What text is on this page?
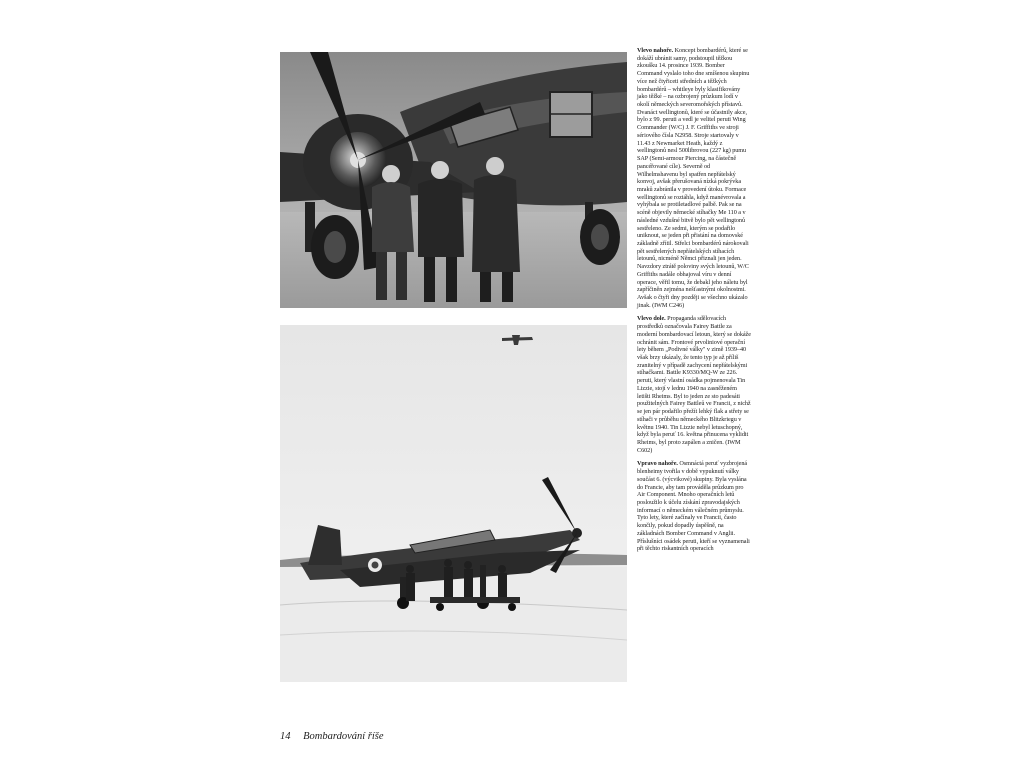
Vlevo nahoře. Koncept bombardérů, které se dokáží ubránit samy, podstoupil těžkou zkoušku 14. prosince 1939. Bomber Command vyslalo toho dne smíšenou skupinu více než čtyřiceti středních a těžkých bombardérů – whitleye byly klasifikovány jako těžké – na ozbrojený průzkum lodí v okolí německých severomořských přístavů. Dvanáct wellingtonů, které se účastnily akce, bylo z 99. peruti a vedl je velitel peruti Wing Commander (W/C) J. F. Griffiths ve stroji sériového čísla N2958. Stroje startovaly v 11.43 z Newmarket Heath, každý z wellingtonů nesl 500librovou (227 kg) pumu SAP (Semi-armour Piercing, na částečně pancéřované cíle). Severně od Wilhelmshavenu byl spatřen nepřátelský konvoj, avšak přerušovaná nízká pokrývka mraků zabránila v provedení útoku. Formace wellingtonů se roztáhla, když manévrovala a vyhýbala se protiletadlové palbě. Pak se na scéně objevily německé stíhačky Me 110 a v následné vzdušné bitvě bylo pět wellingtonů sestřeleno. Ze sedmi, kterým se podařilo uniknout, se jeden při přistání na domovské základně zřítil. Střelci bombardérů nárokovali pět sestřelených nepřátelských stíhacích letounů, nicméně Němci přiznali jen jeden. Navzdory ztrátě poloviny svých letounů, W/C Griffiths nadále obhajoval víru v denní operace, věřil tomu, že debakl jeho náletu byl zapříčiněn zejména nešťastnými okolnostmi. Avšak o čtyři dny později se všechno ukázalo jinak. (IWM C246)

Vlevo dole. Propaganda sdělovacích prostředků označovala Fairey Battle za moderní bombardovací letoun, který se dokáže ochránit sám. Frontové prvoliniové operační lety během „Podivné války" v zimě 1939–40 však brzy ukázaly, že tento typ je až příliš zranitelný v případě zachycení nepřátelskými stíhačkami. Battle K9330/MQ-W ze 226. peruti, který vlastní osádka pojmenovala Tin Lizzie, stojí v lednu 1940 na zasněženém letišti Rheims. Byl to jeden ze sto padesáti použitelných Fairey Battleů ve Francii, z nichž se jen pár podařilo přežít lehký flak a střety se stíhači v průběhu německého Blitzkriegu v květnu 1940. Tin Lizzie nebyl letuschopný, když byla peruť 16. května přinucena vyklidit Rheims, byl proto zapálen a zničen. (IWM C602)

Vpravo nahoře. Osmnáctá peruť vyzbrojená blenheimy tvořila v době vypuknutí války součást 6. (výcvikové) skupiny. Byla vyslána do Francie, aby tam prováděla průzkum pro Air Component. Mnoho operačních letů posloužilo k účelu získání zpravodajských informací o německém válečném průmyslu. Tyto lety, které začínaly ve Francii, často končily, pokud dopadly úspěšně, na základnách Bomber Command v Anglii. Příslušníci osádek peruti, kteří se vyznamenali při těchto riskantních operacích

14 Bombardování říše
